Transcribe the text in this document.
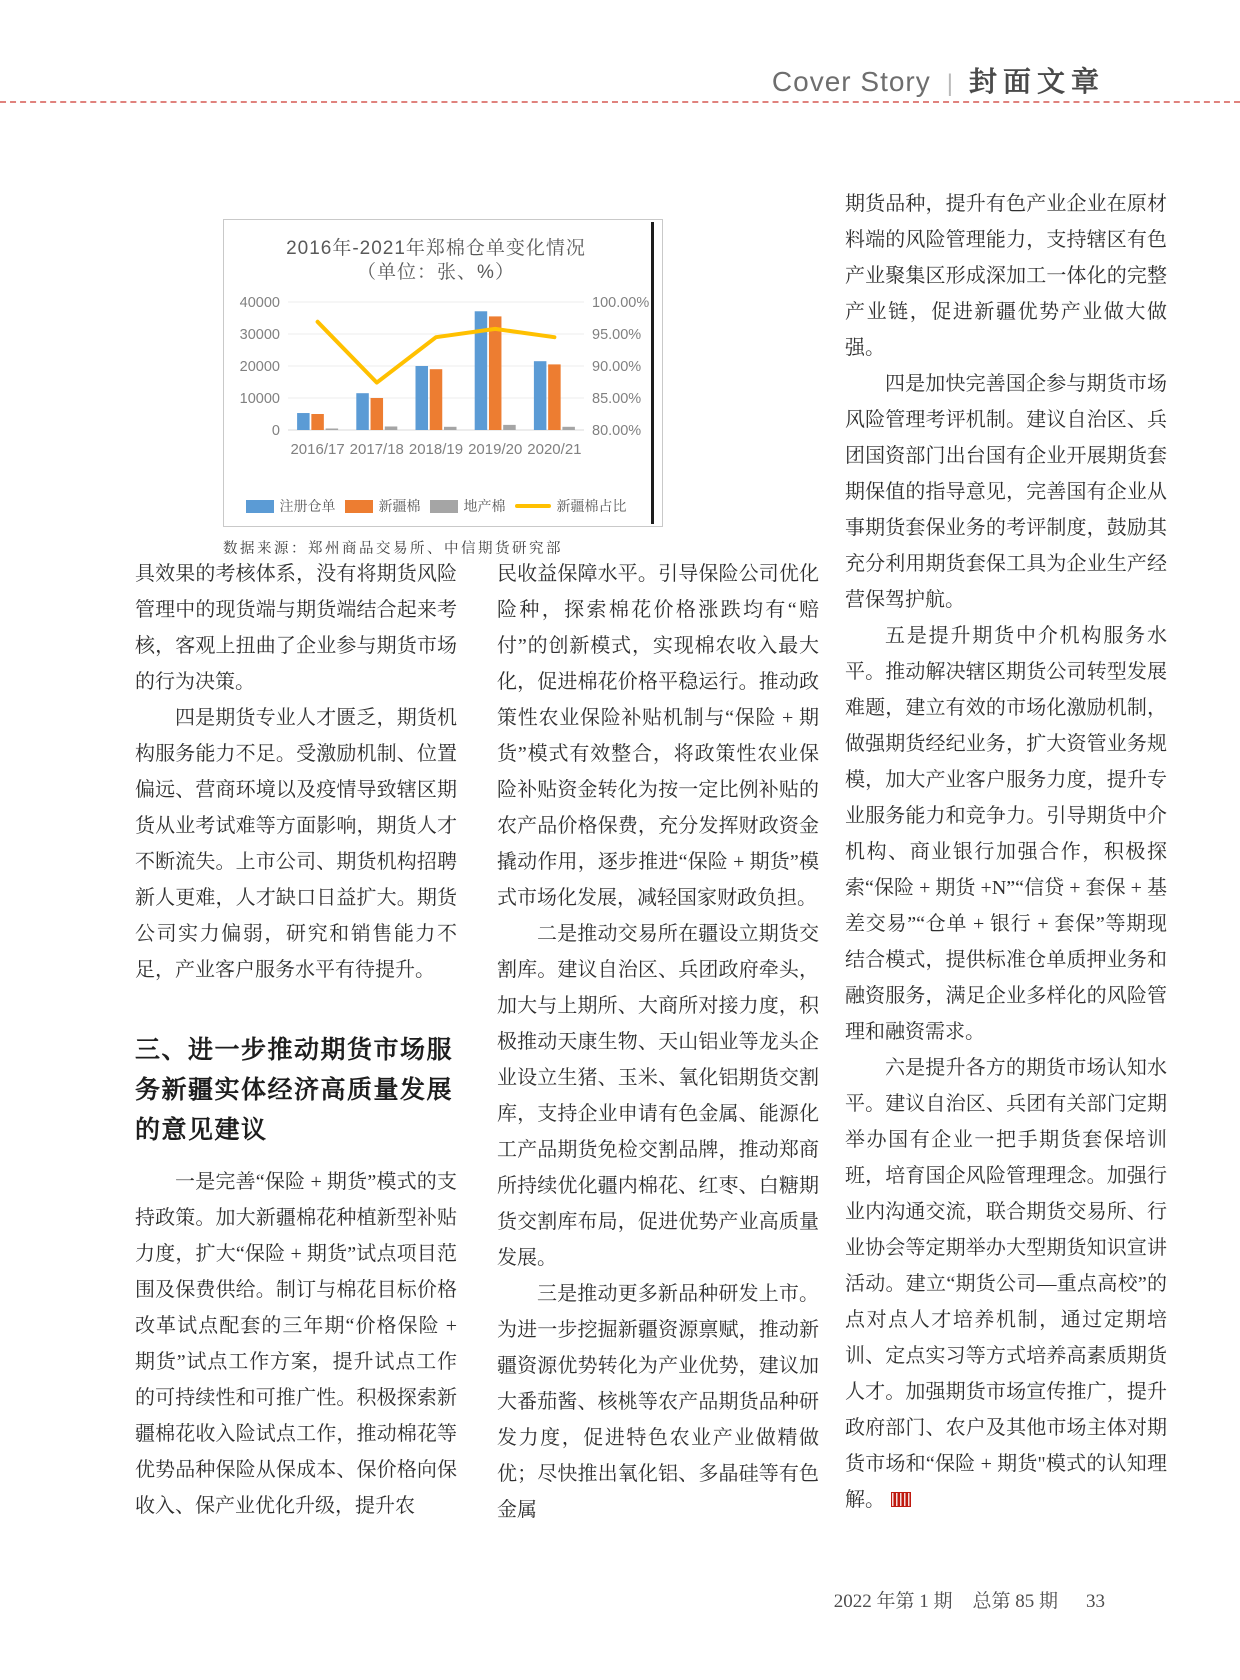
Cover Story | 封面文章
2016年-2021年郑棉仓单变化情况
（单位：张、%）
40000	100.00%
30000	95.00%
20000	90.00%
10000	85.00%
0	80.00%
2016/17 2017/18 2018/19 2019/20 2020/21
注册仓单	新疆棉	地产棉	新疆棉占比
数据来源：郑州商品交易所、中信期货研究部

具效果的考核体系，没有将期货风险管理中的现货端与期货端结合起来考核，客观上扭曲了企业参与期货市场的行为决策。

四是期货专业人才匮乏，期货机构服务能力不足。受激励机制、位置偏远、营商环境以及疫情导致辖区期货从业考试难等方面影响，期货人才不断流失。上市公司、期货机构招聘新人更难，人才缺口日益扩大。期货公司实力偏弱，研究和销售能力不足，产业客户服务水平有待提升。

三、进一步推动期货市场服务新疆实体经济高质量发展的意见建议

一是完善“保险 + 期货”模式的支持政策。加大新疆棉花种植新型补贴力度，扩大“保险 + 期货”试点项目范围及保费供给。制订与棉花目标价格改革试点配套的三年期“价格保险 + 期货”试点工作方案，提升试点工作的可持续性和可推广性。积极探索新疆棉花收入险试点工作，推动棉花等优势品种保险从保成本、保价格向保收入、保产业优化升级，提升农

民收益保障水平。引导保险公司优化险种，探索棉花价格涨跌均有“赔付”的创新模式，实现棉农收入最大化，促进棉花价格平稳运行。推动政策性农业保险补贴机制与“保险 + 期货”模式有效整合，将政策性农业保险补贴资金转化为按一定比例补贴的农产品价格保费，充分发挥财政资金撬动作用，逐步推进“保险 + 期货”模式市场化发展，减轻国家财政负担。

二是推动交易所在疆设立期货交割库。建议自治区、兵团政府牵头，加大与上期所、大商所对接力度，积极推动天康生物、天山铝业等龙头企业设立生猪、玉米、氧化铝期货交割库，支持企业申请有色金属、能源化工产品期货免检交割品牌，推动郑商所持续优化疆内棉花、红枣、白糖期货交割库布局，促进优势产业高质量发展。

三是推动更多新品种研发上市。为进一步挖掘新疆资源禀赋，推动新疆资源优势转化为产业优势，建议加大番茄酱、核桃等农产品期货品种研发力度，促进特色农业产业做精做优；尽快推出氧化铝、多晶硅等有色金属

期货品种，提升有色产业企业在原材料端的风险管理能力，支持辖区有色产业聚集区形成深加工一体化的完整产业链，促进新疆优势产业做大做强。

四是加快完善国企参与期货市场风险管理考评机制。建议自治区、兵团国资部门出台国有企业开展期货套期保值的指导意见，完善国有企业从事期货套保业务的考评制度，鼓励其充分利用期货套保工具为企业生产经营保驾护航。

五是提升期货中介机构服务水平。推动解决辖区期货公司转型发展难题，建立有效的市场化激励机制，做强期货经纪业务，扩大资管业务规模，加大产业客户服务力度，提升专业服务能力和竞争力。引导期货中介机构、商业银行加强合作，积极探索“保险 + 期货 +N”“信贷 + 套保 + 基差交易”“仓单 + 银行 + 套保”等期现结合模式，提供标准仓单质押业务和融资服务，满足企业多样化的风险管理和融资需求。

六是提升各方的期货市场认知水平。建议自治区、兵团有关部门定期举办国有企业一把手期货套保培训班，培育国企风险管理理念。加强行业内沟通交流，联合期货交易所、行业协会等定期举办大型期货知识宣讲活动。建立“期货公司—重点高校”的点对点人才培养机制，通过定期培训、定点实习等方式培养高素质期货人才。加强期货市场宣传推广，提升政府部门、农户及其他市场主体对期货市场和“保险 + 期货"模式的认知理解。

2022 年第 1 期 总第 85 期 33
